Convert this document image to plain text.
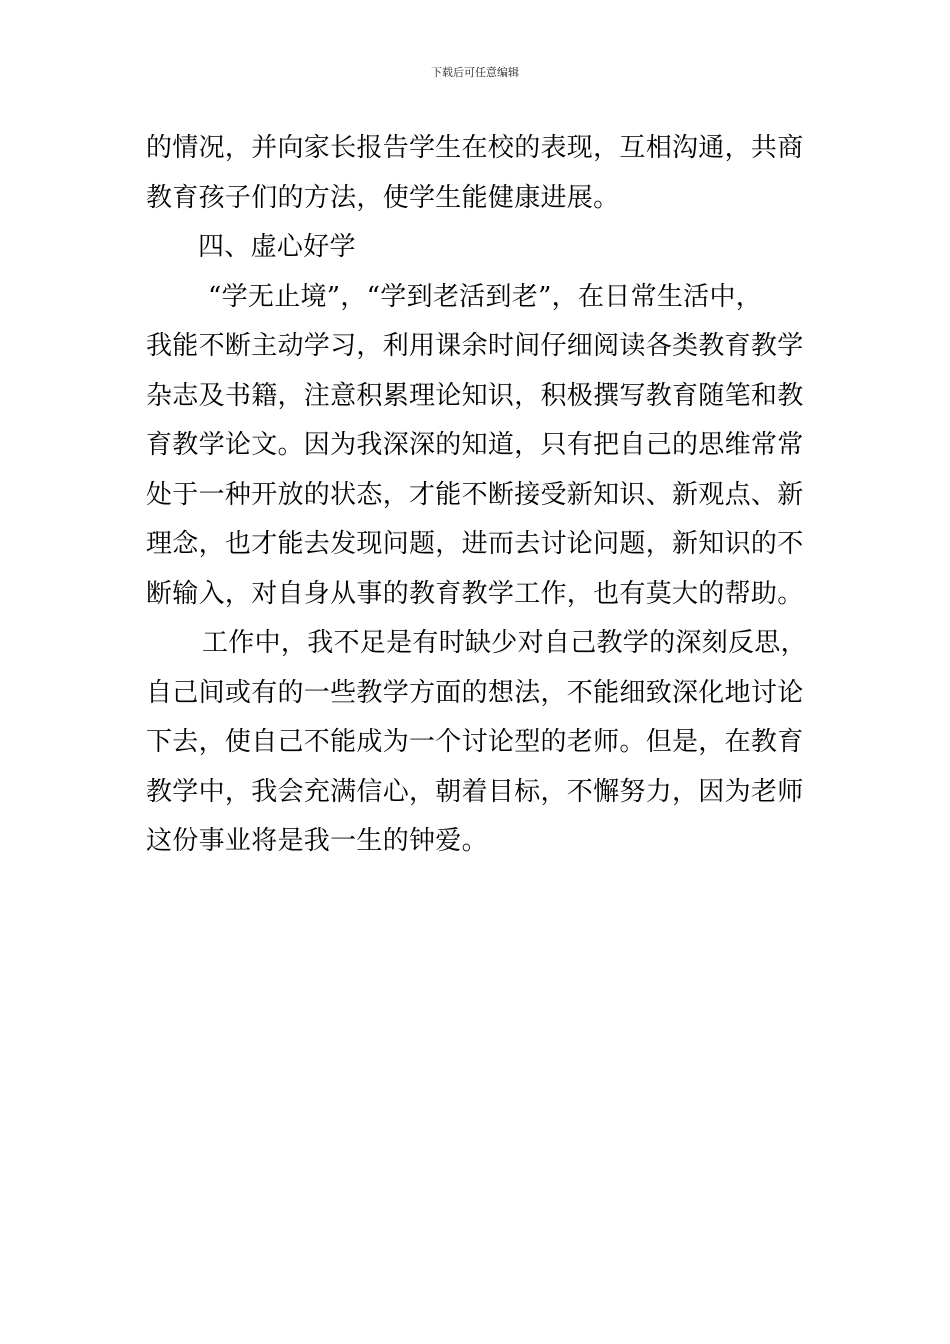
下载后可任意编辑
的情况，并向家长报告学生在校的表现，互相沟通，共商
教育孩子们的方法，使学生能健康进展。
四、虚心好学
“学无止境”，“学到老活到老”，在日常生活中，
我能不断主动学习，利用课余时间仔细阅读各类教育教学
杂志及书籍，注意积累理论知识，积极撰写教育随笔和教
育教学论文。因为我深深的知道，只有把自己的思维常常
处于一种开放的状态，才能不断接受新知识、新观点、新
理念，也才能去发现问题，进而去讨论问题，新知识的不
断输入，对自身从事的教育教学工作，也有莫大的帮助。
工作中，我不足是有时缺少对自己教学的深刻反思，
自己间或有的一些教学方面的想法，不能细致深化地讨论
下去，使自己不能成为一个讨论型的老师。但是，在教育
教学中，我会充满信心，朝着目标，不懈努力，因为老师
这份事业将是我一生的钟爱。
